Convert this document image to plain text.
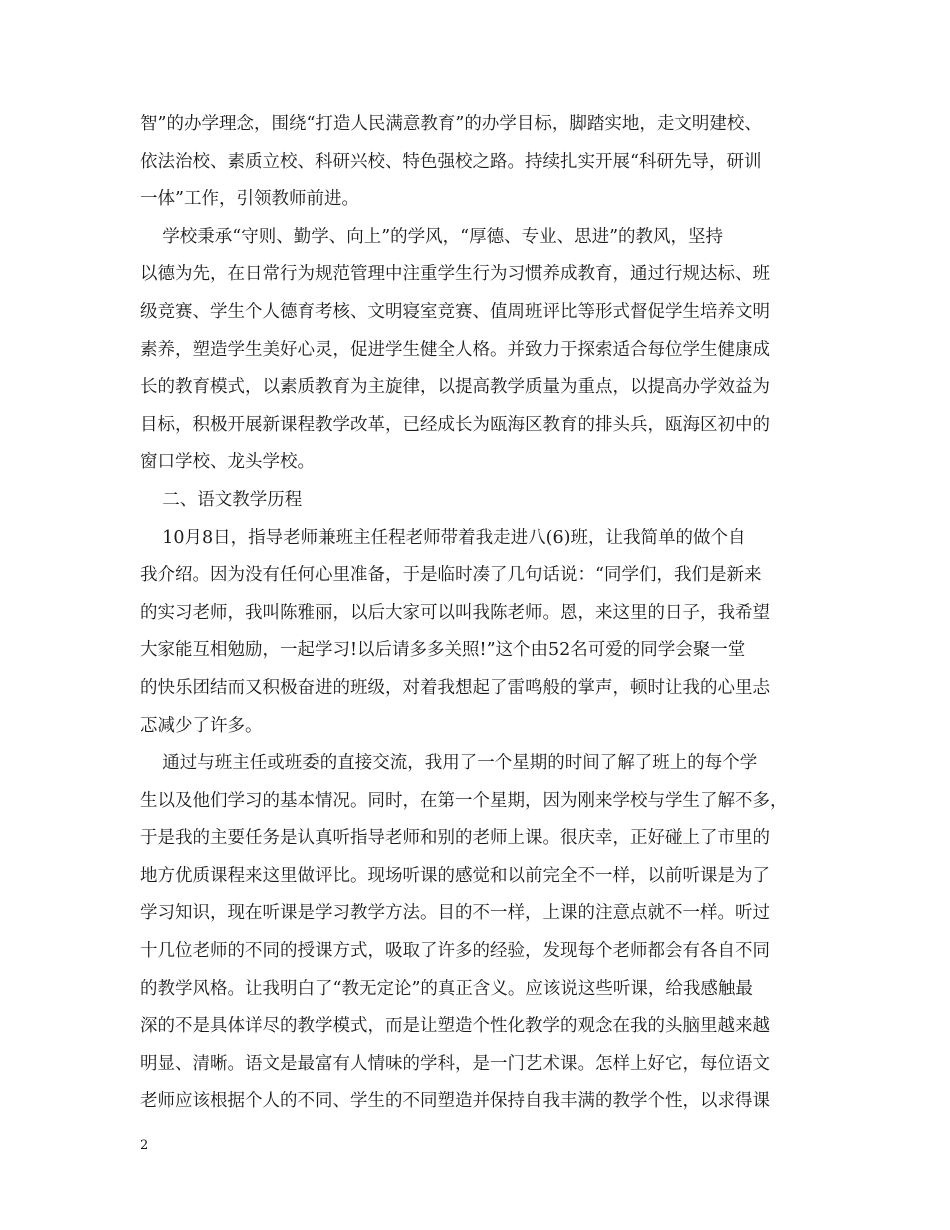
智”的办学理念，围绕“打造人民满意教育”的办学目标，脚踏实地，走文明建校、
依法治校、素质立校、科研兴校、特色强校之路。持续扎实开展“科研先导，研训
一体”工作，引领教师前进。
学校秉承“守则、勤学、向上”的学风，“厚德、专业、思进”的教风，坚持
以德为先，在日常行为规范管理中注重学生行为习惯养成教育，通过行规达标、班
级竞赛、学生个人德育考核、文明寝室竞赛、值周班评比等形式督促学生培养文明
素养，塑造学生美好心灵，促进学生健全人格。并致力于探索适合每位学生健康成
长的教育模式，以素质教育为主旋律，以提高教学质量为重点，以提高办学效益为
目标，积极开展新课程教学改革，已经成长为瓯海区教育的排头兵，瓯海区初中的
窗口学校、龙头学校。
二、语文教学历程
10月8日，指导老师兼班主任程老师带着我走进八(6)班，让我简单的做个自
我介绍。因为没有任何心里准备，于是临时凑了几句话说：“同学们，我们是新来
的实习老师，我叫陈雅丽，以后大家可以叫我陈老师。恩，来这里的日子，我希望
大家能互相勉励，一起学习!以后请多多关照!”这个由52名可爱的同学会聚一堂
的快乐团结而又积极奋进的班级，对着我想起了雷鸣般的掌声，顿时让我的心里忐
忑减少了许多。
通过与班主任或班委的直接交流，我用了一个星期的时间了解了班上的每个学
生以及他们学习的基本情况。同时，在第一个星期，因为刚来学校与学生了解不多，
于是我的主要任务是认真听指导老师和别的老师上课。很庆幸，正好碰上了市里的
地方优质课程来这里做评比。现场听课的感觉和以前完全不一样，以前听课是为了
学习知识，现在听课是学习教学方法。目的不一样，上课的注意点就不一样。听过
十几位老师的不同的授课方式，吸取了许多的经验，发现每个老师都会有各自不同
的教学风格。让我明白了“教无定论”的真正含义。应该说这些听课，给我感触最
深的不是具体详尽的教学模式，而是让塑造个性化教学的观念在我的头脑里越来越
明显、清晰。语文是最富有人情味的学科，是一门艺术课。怎样上好它，每位语文
老师应该根据个人的不同、学生的不同塑造并保持自我丰满的教学个性，以求得课
2
